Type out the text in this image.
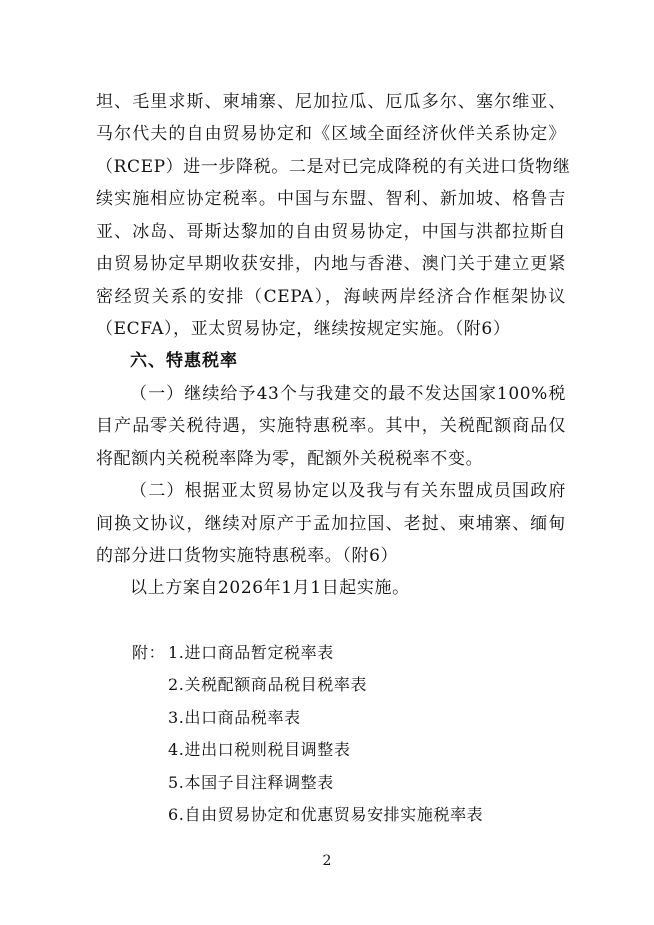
坦、毛里求斯、柬埔寨、尼加拉瓜、厄瓜多尔、塞尔维亚、
马尔代夫的自由贸易协定和《区域全面经济伙伴关系协定》
（RCEP）进一步降税。二是对已完成降税的有关进口货物继
续实施相应协定税率。中国与东盟、智利、新加坡、格鲁吉
亚、冰岛、哥斯达黎加的自由贸易协定，中国与洪都拉斯自
由贸易协定早期收获安排，内地与香港、澳门关于建立更紧
密经贸关系的安排（CEPA），海峡两岸经济合作框架协议
（ECFA），亚太贸易协定，继续按规定实施。（附6）
六、特惠税率
（一）继续给予43个与我建交的最不发达国家100%税
目产品零关税待遇，实施特惠税率。其中，关税配额商品仅
将配额内关税税率降为零，配额外关税税率不变。
（二）根据亚太贸易协定以及我与有关东盟成员国政府
间换文协议，继续对原产于孟加拉国、老挝、柬埔寨、缅甸
的部分进口货物实施特惠税率。（附6）
以上方案自2026年1月1日起实施。
附： 1.进口商品暂定税率表
2.关税配额商品税目税率表
3.出口商品税率表
4.进出口税则税目调整表
5.本国子目注释调整表
6.自由贸易协定和优惠贸易安排实施税率表
2
